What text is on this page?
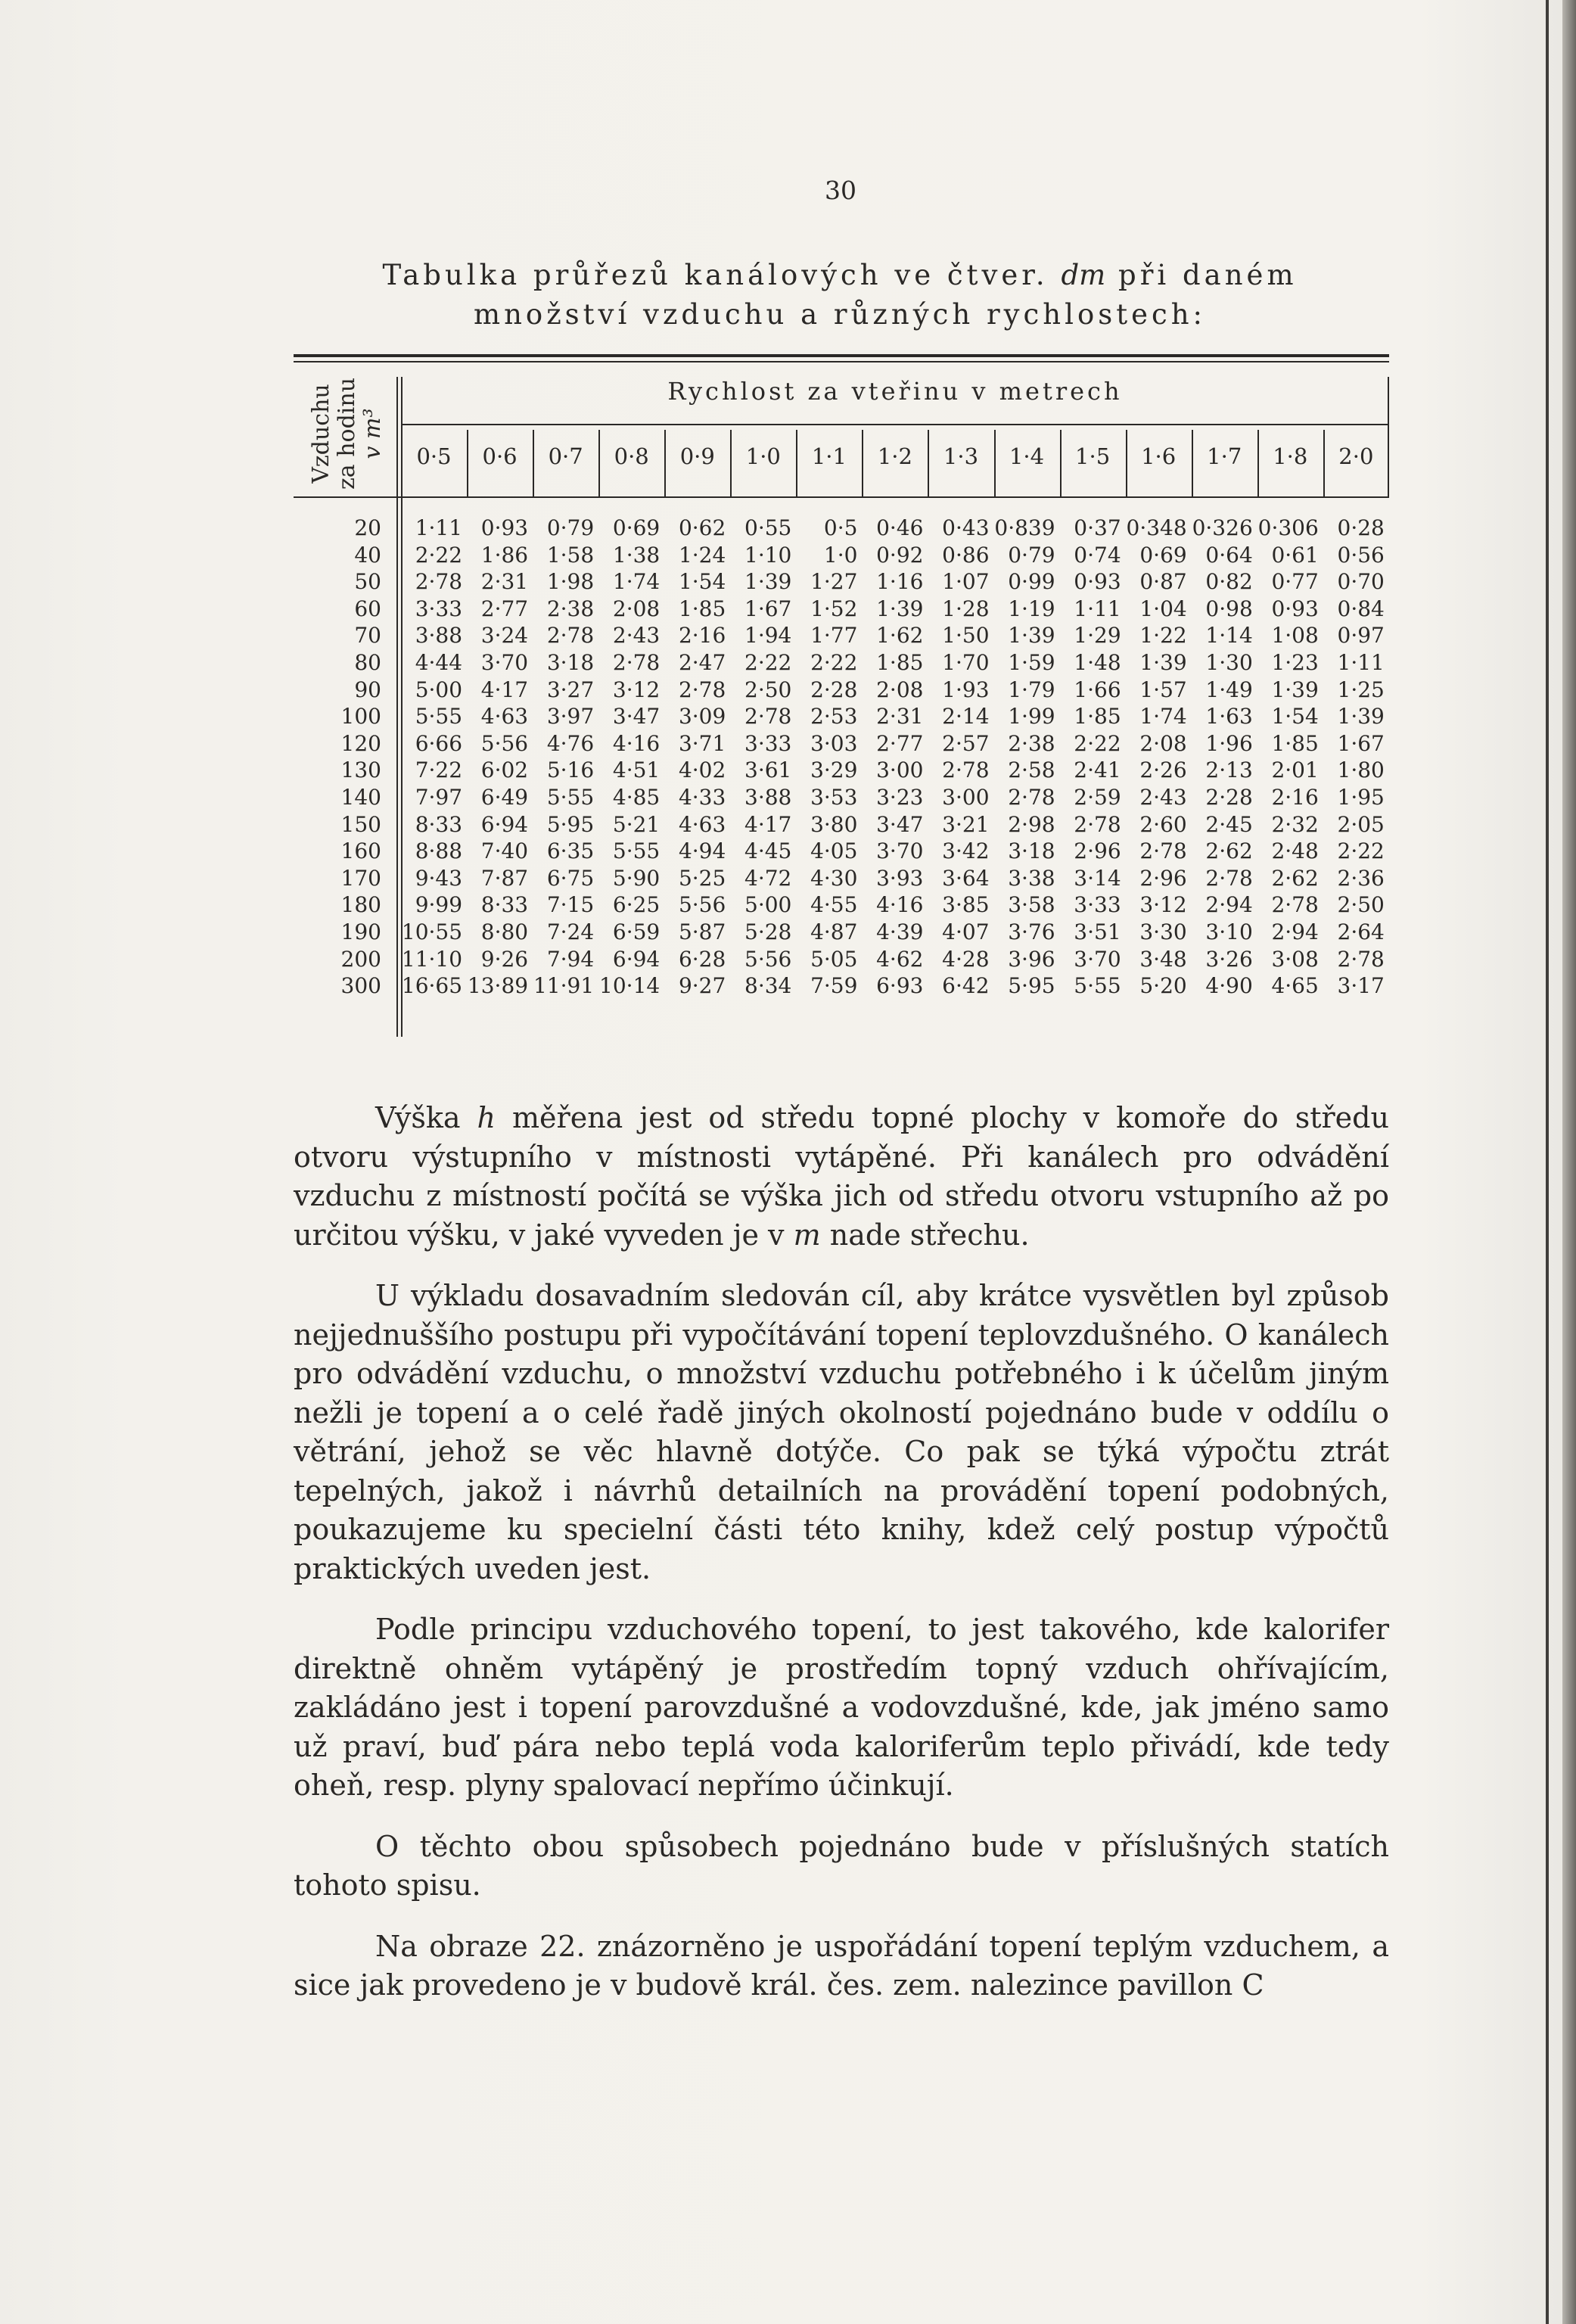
30
Tabulka průřezů kanálových ve čtver. dm při daném
množství vzduchu a různých rychlostech:
Vzduchu za hodinu v m³
Rychlost za vteřinu v metrech
0·5	0·6	0·7	0·8	0·9	1·0	1·1	1·2	1·3	1·4	1·5	1·6	1·7	1·8	2·0
20	1·11 0·93 0·79 0·69 0·62 0·55	0·5 0·46 0·43 0·839 0·37 0·348 0·326 0·306 0·28
40	2·22 1·86 1·58 1·38 1·24 1·10	1·0 0·92 0·86 0·79 0·74 0·69 0·64 0·61 0·56
50	2·78 2·31 1·98 1·74 1·54 1·39 1·27 1·16 1·07 0·99 0·93 0·87 0·82 0·77 0·70
60	3·33 2·77 2·38 2·08 1·85 1·67 1·52 1·39 1·28 1·19 1·11 1·04 0·98 0·93 0·84
70	3·88 3·24 2·78 2·43 2·16 1·94 1·77 1·62 1·50 1·39 1·29 1·22 1·14 1·08 0·97
80	4·44 3·70 3·18 2·78 2·47 2·22 2·22 1·85 1·70 1·59 1·48 1·39 1·30 1·23 1·11
90	5·00 4·17 3·27 3·12 2·78 2·50 2·28 2·08 1·93 1·79 1·66 1·57 1·49 1·39 1·25
100	5·55 4·63 3·97 3·47 3·09 2·78 2·53 2·31 2·14 1·99 1·85 1·74 1·63 1·54 1·39
120	6·66 5·56 4·76 4·16 3·71 3·33 3·03 2·77 2·57 2·38 2·22 2·08 1·96 1·85 1·67
130	7·22 6·02 5·16 4·51 4·02 3·61 3·29 3·00 2·78 2·58 2·41 2·26 2·13 2·01 1·80
140	7·97 6·49 5·55 4·85 4·33 3·88 3·53 3·23 3·00 2·78 2·59 2·43 2·28 2·16 1·95
150	8·33 6·94 5·95 5·21 4·63 4·17 3·80 3·47 3·21 2·98 2·78 2·60 2·45 2·32 2·05
160	8·88 7·40 6·35 5·55 4·94 4·45 4·05 3·70 3·42 3·18 2·96 2·78 2·62 2·48 2·22
170	9·43 7·87 6·75 5·90 5·25 4·72 4·30 3·93 3·64 3·38 3·14 2·96 2·78 2·62 2·36
180	9·99 8·33 7·15 6·25 5·56 5·00 4·55 4·16 3·85 3·58 3·33 3·12 2·94 2·78 2·50
190 10·55 8·80 7·24 6·59 5·87 5·28 4·87 4·39 4·07 3·76 3·51 3·30 3·10 2·94 2·64
200 11·10 9·26 7·94 6·94 6·28 5·56 5·05 4·62 4·28 3·96 3·70 3·48 3·26 3·08 2·78
300 16·65 13·89 11·91 10·14 9·27 8·34 7·59 6·93 6·42 5·95 5·55 5·20 4·90 4·65 3·17

Výška h měřena jest od středu topné plochy v komoře do středu otvoru výstupního v místnosti vytápěné. Při kanálech pro odvádění vzduchu z místností počítá se výška jich od středu otvoru vstupního až po určitou výšku, v jaké vyveden je v m nade střechu.

U výkladu dosavadním sledován cíl, aby krátce vysvětlen byl způsob nejjednuššího postupu při vypočítávání topení teplovzdušného. O kanálech pro odvádění vzduchu, o množství vzduchu potřebného i k účelům jiným nežli je topení a o celé řadě jiných okolností pojednáno bude v oddílu o větrání, jehož se věc hlavně dotýče. Co pak se týká výpočtu ztrát tepelných, jakož i návrhů detailních na provádění topení podobných, poukazujeme ku specielní části této knihy, kdež celý postup výpočtů praktických uveden jest.

Podle principu vzduchového topení, to jest takového, kde kalorifer direktně ohněm vytápěný je prostředím topný vzduch ohřívajícím, zakládáno jest i topení parovzdušné a vodovzdušné, kde, jak jméno samo už praví, buď pára nebo teplá voda kaloriferům teplo přivádí, kde tedy oheň, resp. plyny spalovací nepřímo účinkují.

O těchto obou spůsobech pojednáno bude v příslušných statích tohoto spisu.

Na obraze 22. znázorněno je uspořádání topení teplým vzduchem, a sice jak provedeno je v budově král. čes. zem. nalezince pavillon C
